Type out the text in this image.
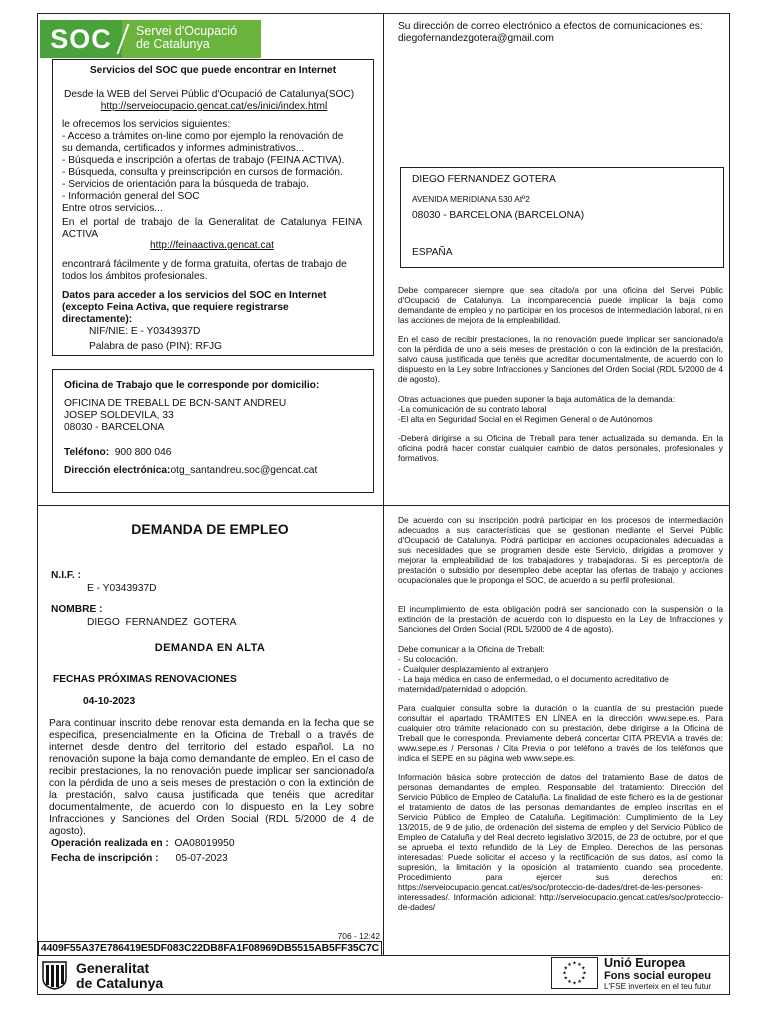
SOC	Servei d'Ocupació
de Catalunya
Servicios del SOC que puede encontrar en Internet
Desde la WEB del Servei Públic d'Ocupació de Catalunya(SOC)
http://serveiocupacio.gencat.cat/es/inici/index.html
le ofrecemos los servicios siguientes:
- Acceso a trámites on-line como por ejemplo la renovación de
su demanda, certificados y informes administrativos...
- Búsqueda e inscripción a ofertas de trabajo (FEINA ACTIVA).
- Búsqueda, consulta y preinscripción en cursos de formación.
- Servicios de orientación para la búsqueda de trabajo.
- Información general del SOC
Entre otros servicios...
En el portal de trabajo de la Generalitat de Catalunya FEINA ACTIVA
http://feinaactiva.gencat.cat
encontrará fácilmente y de forma gratuita, ofertas de trabajo de todos los ámbitos profesionales.
Datos para acceder a los servicios del SOC en Internet (excepto Feina Activa, que requiere registrarse directamente):
NIF/NIE: E - Y0343937D
Palabra de paso (PIN): RFJG
Oficina de Trabajo que le corresponde por domicilio:
OFICINA DE TREBALL DE BCN-SANT ANDREU
JOSEP SOLDEVILA, 33
08030 - BARCELONA
Teléfono: 900 800 046
Dirección electrónica:otg_santandreu.soc@gencat.cat
Su dirección de correo electrónico a efectos de comunicaciones es:
diegofernandezgotera@gmail.com
DIEGO FERNANDEZ GOTERA
AVENIDA MERIDIANA 530 Atº2
08030 - BARCELONA (BARCELONA)
ESPAÑA
Debe comparecer siempre que sea citado/a por una oficina del Servei Públic d'Ocupació de Catalunya. La incomparecencia puede implicar la baja como demandante de empleo y no participar en los procesos de intermediación laboral, ni en las acciones de mejora de la empleabilidad.
En el caso de recibir prestaciones, la no renovación puede implicar ser sancionado/a con la pérdida de uno a seis meses de prestación o con la extinción de la prestación, salvo causa justificada que tenéis que acreditar documentalmente, de acuerdo con lo dispuesto en la Ley sobre Infracciones y Sanciones del Orden Social (RDL 5/2000 de 4 de agosto).
Otras actuaciones que pueden suponer la baja automática de la demanda:
-La comunicación de su contrato laboral
-El alta en Seguridad Social en el Regimen General o de Autónomos
-Deberá dirigirse a su Oficina de Treball para tener actualizada su demanda. En la oficina podrá hacer constar cualquier cambio de datos personales, profesionales y formativos.
DEMANDA DE EMPLEO
N.I.F. :
E - Y0343937D
NOMBRE :
DIEGO  FERNANDEZ  GOTERA
DEMANDA EN ALTA
FECHAS PRÓXIMAS RENOVACIONES
04-10-2023
Para continuar inscrito debe renovar esta demanda en la fecha que se especifica, presencialmente en la Oficina de Treball o a través de internet desde dentro del territorio del estado español. La no renovación supone la baja como demandante de empleo. En el caso de recibir prestaciones, la no renovación puede implicar ser sancionado/a con la pérdida de uno a seis meses de prestación o con la extinción de la prestación, salvo causa justificada que tenéis que acreditar documentalmente, de acuerdo con lo dispuesto en la Ley sobre Infracciones y Sanciones del Orden Social (RDL 5/2000 de 4 de agosto).
Operación realizada en : OA08019950
Fecha de inscripción : 05-07-2023
706 - 12:42
4409F55A37E786419E5DF083C22DB8FA1F08969DB5515AB5FF35C7C
De acuerdo con su inscripción podrá participar en los procesos de intermediación adecuados a sus características que se gestionan mediante el Servei Públic d'Ocupació de Catalunya. Podrá participar en acciones ocupacionales adecuadas a sus necesidades que se programen desde este Servicio, dirigidas a promover y mejorar la empleabilidad de los trabajadores y trabajadoras. Si es perceptor/a de prestación o subsidio por desempleo debe aceptar las ofertas de trabajo y acciones ocupacionales que le proponga el SOC, de acuerdo a su perfil profesional.
El incumplimiento de esta obligación podrá ser sancionado con la suspensión o la extinción de la prestación de acuerdo con lo dispuesto en la Ley de Infracciones y Sanciones del Orden Social (RDL 5/2000 de 4 de agosto).
Debe comunicar a la Oficina de Treball:
- Su colocación.
- Cualquier desplazamiento al extranjero
- La baja médica en caso de enfermedad, o el documento acreditativo de maternidad/paternidad o adopción.
Para cualquier consulta sobre la duración o la cuantía de su prestación puede consultar el apartado TRÁMITES EN LÍNEA en la dirección www.sepe.es. Para cualquier otro trámite relacionado con su prestación, debe dirigirse a la Oficina de Treball que le corresponda. Previamente deberá concertar CITA PREVIA a través de: www.sepe.es / Personas / Cita Previa o por teléfono a través de los teléfonos que indica el SEPE en su página web www.sepe.es.
Información básica sobre protección de datos del tratamiento Base de datos de personas demandantes de empleo. Responsable del tratamiento: Dirección del Servicio Público de Empleo de Cataluña. La finalidad de este fichero es la de gestionar el tratamiento de datos de las personas demandantes de empleo inscritas en el Servicio Público de Empleo de Cataluña. Legitimación: Cumplimiento de la Ley 13/2015, de 9 de julio, de ordenación del sistema de empleo y del Servicio Público de Empleo de Cataluña y del Real decreto legislativo 3/2015, de 23 de octubre, por el que se aprueba el texto refundido de la Ley de Empleo. Derechos de las personas interesadas: Puede solicitar el acceso y la rectificación de sus datos, así como la supresión, la limitación y la oposición al tratamiento cuando sea procedente. Procedimiento para ejercer sus derechos en: https://serveiocupacio.gencat.cat/es/soc/proteccio-de-dades/dret-de-les-persones-interessades/. Información adicional: http://serveiocupacio.gencat.cat/es/soc/proteccio-de-dades/
Generalitat
de Catalunya
★
★
★
★
★
★
★
★
★ ★ ★
★ Unió Europea
Fons social europeu
L'FSE inverteix en el teu futur
